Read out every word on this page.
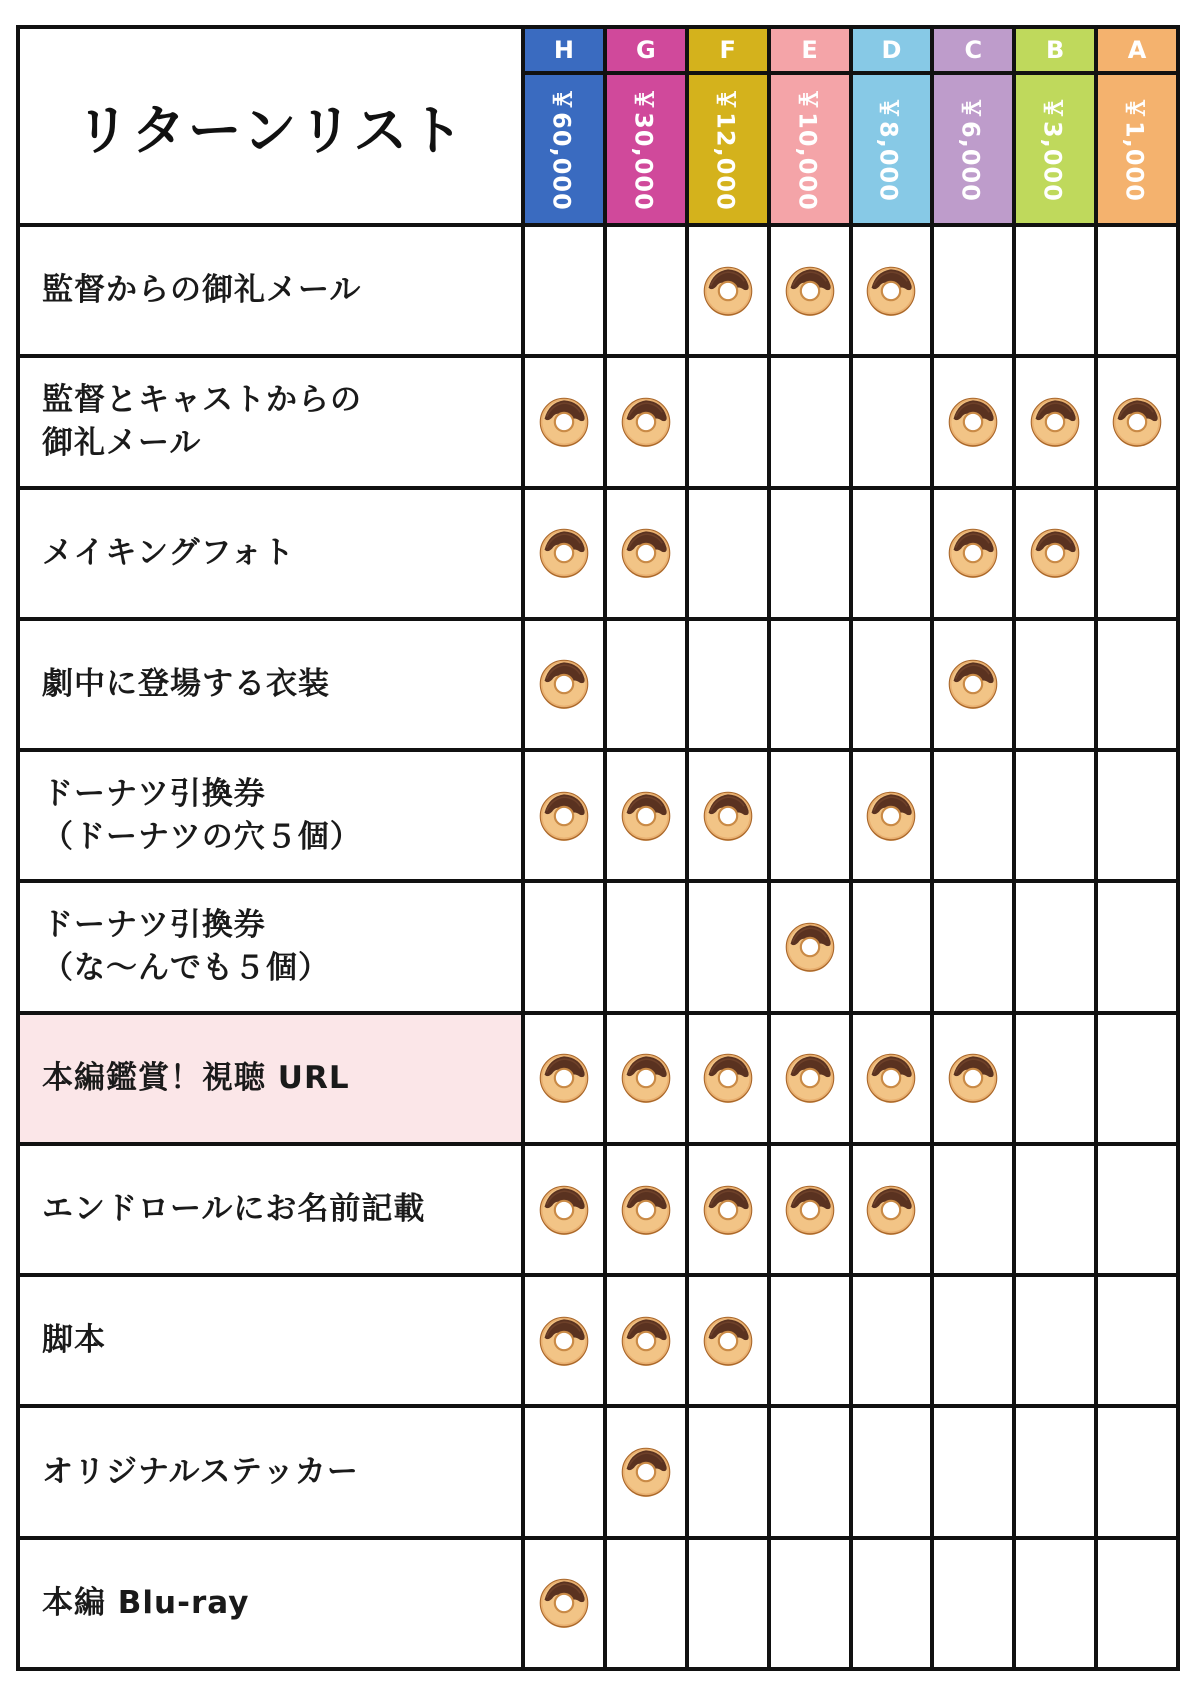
リターンリスト
H
￥60,000
G
￥30,000
F
￥12,000
E
￥10,000
D
￥8,000
C
￥6,000
B
￥3,000
A
￥1,000
監督からの御礼メール
監督とキャストからの
御礼メール
メイキングフォト
劇中に登場する衣装
ドーナツ引換券
（ドーナツの穴５個）
ドーナツ引換券
（な～んでも５個）
本編鑑賞！視聴 URL
エンドロールにお名前記載
脚本
オリジナルステッカー
本編 Blu-ray
